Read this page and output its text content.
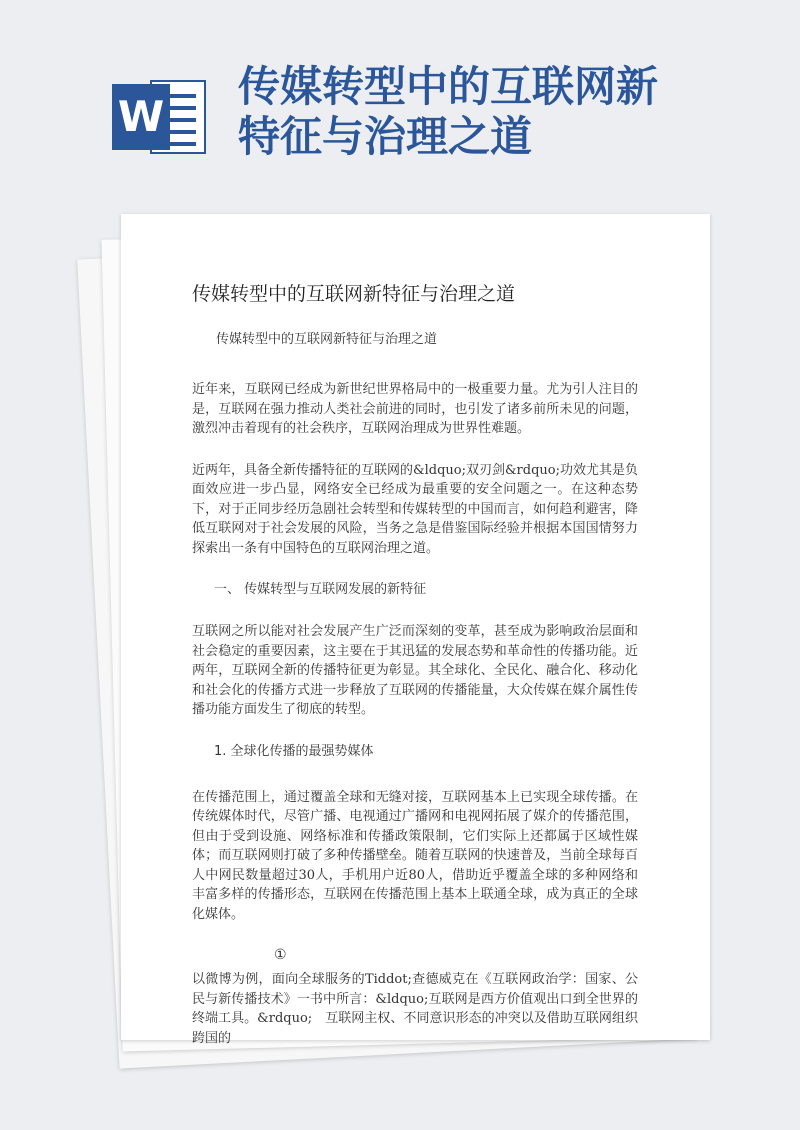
W
传媒转型中的互联网新
特征与治理之道
传媒转型中的互联网新特征与治理之道
传媒转型中的互联网新特征与治理之道

近年来，互联网已经成为新世纪世界格局中的一极重要力量。尤为引人注目的是，互联网在强力推动人类社会前进的同时，也引发了诸多前所未见的问题，激烈冲击着现有的社会秩序，互联网治理成为世界性难题。

近两年，具备全新传播特征的互联网的&ldquo;双刃剑&rdquo;功效尤其是负面效应进一步凸显，网络安全已经成为最重要的安全问题之一。在这种态势下，对于正同步经历急剧社会转型和传媒转型的中国而言，如何趋利避害，降低互联网对于社会发展的风险，当务之急是借鉴国际经验并根据本国国情努力探索出一条有中国特色的互联网治理之道。

一、 传媒转型与互联网发展的新特征

互联网之所以能对社会发展产生广泛而深刻的变革，甚至成为影响政治层面和社会稳定的重要因素，这主要在于其迅猛的发展态势和革命性的传播功能。近两年，互联网全新的传播特征更为彰显。其全球化、全民化、融合化、移动化和社会化的传播方式进一步释放了互联网的传播能量，大众传媒在媒介属性传播功能方面发生了彻底的转型。

1. 全球化传播的最强势媒体

在传播范围上，通过覆盖全球和无缝对接，互联网基本上已实现全球传播。在传统媒体时代，尽管广播、电视通过广播网和电视网拓展了媒介的传播范围，但由于受到设施、网络标准和传播政策限制，它们实际上还都属于区域性媒体；而互联网则打破了多种传播壁垒。随着互联网的快速普及，当前全球每百人中网民数量超过30人，手机用户近80人，借助近乎覆盖全球的多种网络和丰富多样的传播形态，互联网在传播范围上基本上联通全球，成为真正的全球化媒体。

①

以微博为例，面向全球服务的Tiddot;查德威克在《互联网政治学：国家、公民与新传播技术》一书中所言：&ldquo;互联网是西方价值观出口到全世界的终端工具。&rdquo;　互联网主权、不同意识形态的冲突以及借助互联网组织跨国的
